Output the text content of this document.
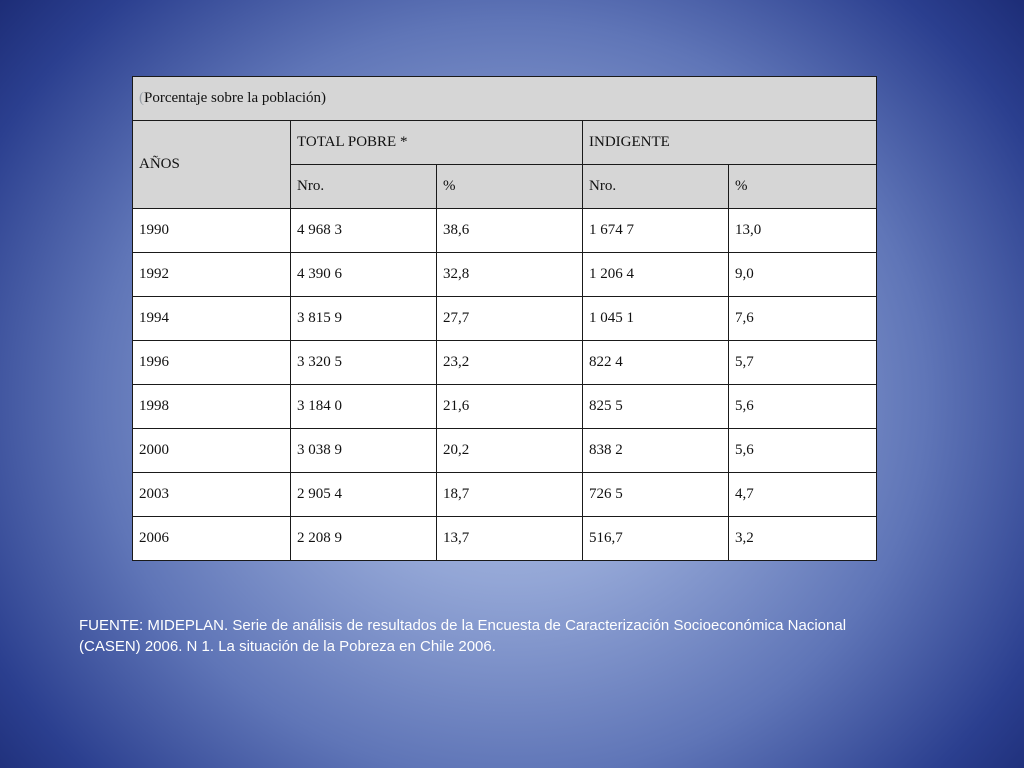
(Porcentaje sobre la población)				
AÑOS	TOTAL POBRE *		INDIGENTE	
	Nro.	%	Nro.	%
1990	4 968 3	38,6	1 674 7	13,0
1992	4 390 6	32,8	1 206 4	9,0
1994	3 815 9	27,7	1 045 1	7,6
1996	3 320 5	23,2	822 4	5,7
1998	3 184 0	21,6	825 5	5,6
2000	3 038 9	20,2	838 2	5,6
2003	2 905 4	18,7	726 5	4,7
2006	2 208 9	13,7	516,7	3,2

FUENTE: MIDEPLAN. Serie de análisis de resultados de la Encuesta de Caracterización Socioeconómica Nacional
(CASEN) 2006. N 1. La situación de la Pobreza en Chile 2006.
